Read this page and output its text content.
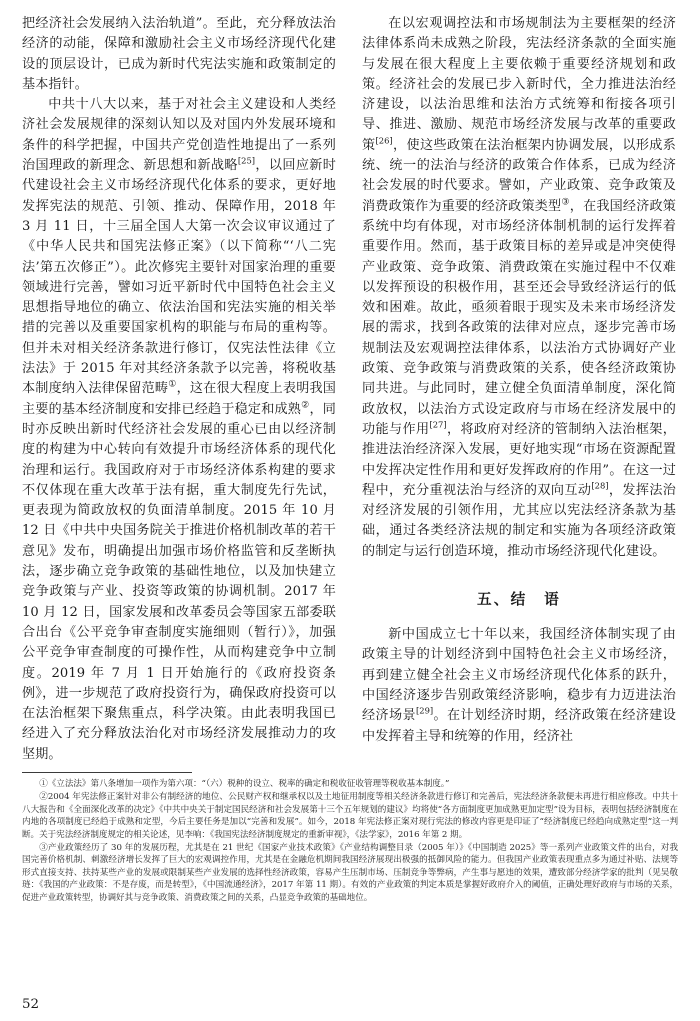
把经济社会发展纳入法治轨道”。至此，充分释放法治经济的动能，保障和激励社会主义市场经济现代化建设的顶层设计，已成为新时代宪法实施和政策制定的基本指针。

中共十八大以来，基于对社会主义建设和人类经济社会发展规律的深刻认知以及对国内外发展环境和条件的科学把握，中国共产党创造性地提出了一系列治国理政的新理念、新思想和新战略[25]，以回应新时代建设社会主义市场经济现代化体系的要求，更好地发挥宪法的规范、引领、推动、保障作用，2018 年 3 月 11 日，十三届全国人大第一次会议审议通过了《中华人民共和国宪法修正案》（以下简称“‘八二宪法’第五次修正”）。此次修宪主要针对国家治理的重要领域进行完善，譬如习近平新时代中国特色社会主义思想指导地位的确立、依法治国和宪法实施的相关举措的完善以及重要国家机构的职能与布局的重构等。但并未对相关经济条款进行修订，仅宪法性法律《立法法》于 2015 年对其经济条款予以完善，将税收基本制度纳入法律保留范畴①，这在很大程度上表明我国主要的基本经济制度和安排已经趋于稳定和成熟②，同时亦反映出新时代经济社会发展的重心已由以经济制度的构建为中心转向有效提升市场经济体系的现代化治理和运行。我国政府对于市场经济体系构建的要求不仅体现在重大改革于法有据，重大制度先行先试，更表现为简政放权的负面清单制度。2015 年 10 月 12 日《中共中央国务院关于推进价格机制改革的若干意见》发布，明确提出加强市场价格监管和反垄断执法，逐步确立竞争政策的基础性地位，以及加快建立竞争政策与产业、投资等政策的协调机制。2017 年 10 月 12 日，国家发展和改革委员会等国家五部委联合出台《公平竞争审查制度实施细则（暂行）》，加强公平竞争审查制度的可操作性，从而构建竞争中立制度。2019 年 7 月 1 日开始施行的《政府投资条例》，进一步规范了政府投资行为，确保政府投资可以在法治框架下聚焦重点，科学决策。由此表明我国已经进入了充分释放法治化对市场经济发展推动力的攻坚期。

在以宏观调控法和市场规制法为主要框架的经济法律体系尚未成熟之阶段，宪法经济条款的全面实施与发展在很大程度上主要依赖于重要经济规划和政策。经济社会的发展已步入新时代，全力推进法治经济建设，以法治思维和法治方式统筹和衔接各项引导、推进、激励、规范市场经济发展与改革的重要政策[26]，使这些政策在法治框架内协调发展，以形成系统、统一的法治与经济的政策合作体系，已成为经济社会发展的时代要求。譬如，产业政策、竞争政策及消费政策作为重要的经济政策类型③，在我国经济政策系统中均有体现，对市场经济体制机制的运行发挥着重要作用。然而，基于政策目标的差异或是冲突使得产业政策、竞争政策、消费政策在实施过程中不仅难以发挥预设的积极作用，甚至还会导致经济运行的低效和困难。故此，亟须着眼于现实及未来市场经济发展的需求，找到各政策的法律对应点，逐步完善市场规制法及宏观调控法律体系，以法治方式协调好产业政策、竞争政策与消费政策的关系，使各经济政策协同共进。与此同时，建立健全负面清单制度，深化简政放权，以法治方式设定政府与市场在经济发展中的功能与作用[27]，将政府对经济的管制纳入法治框架，推进法治经济深入发展，更好地实现“市场在资源配置中发挥决定性作用和更好发挥政府的作用”。在这一过程中，充分重视法治与经济的双向互动[28]，发挥法治对经济发展的引领作用，尤其应以宪法经济条款为基础，通过各类经济法规的制定和实施为各项经济政策的制定与运行创造环境，推动市场经济现代化建设。

五、结　语

新中国成立七十年以来，我国经济体制实现了由政策主导的计划经济到中国特色社会主义市场经济，再到建立健全社会主义市场经济现代化体系的跃升，中国经济逐步告别政策经济影响，稳步有力迈进法治经济场景[29]。在计划经济时期，经济政策在经济建设中发挥着主导和统筹的作用，经济社

①《立法法》第八条增加一项作为第六项：“（六）税种的设立、税率的确定和税收征收管理等税收基本制度。”

②2004 年宪法修正案针对非公有制经济的地位、公民财产权和继承权以及土地征用制度等相关经济条款进行修订和完善后，宪法经济条款便未再进行相应修改。中共十八大报告和《全面深化改革的决定》《中共中央关于制定国民经济和社会发展第十三个五年规划的建议》均将使“各方面制度更加成熟更加定型”设为目标，表明包括经济制度在内地的各项制度已经趋于成熟和定型，今后主要任务是加以“完善和发展”。如今，2018 年宪法修正案对现行宪法的修改内容更是印证了“经济制度已经趋向成熟定型”这一判断。关于宪法经济制度规定的相关论述，见李响：《我国宪法经济制度规定的重新审视》，《法学家》，2016 年第 2 期。

③产业政策经历了 30 年的发展历程，尤其是在 21 世纪《国家产业技术政策》《产业结构调整目录（2005 年）》《中国制造 2025》等一系列产业政策文件的出台，对我国完善价格机制、刺激经济增长发挥了巨大的宏观调控作用，尤其是在金融危机期间我国经济展现出极强的抵御风险的能力。但我国产业政策表现重点多为通过补贴、法规等形式直接支持、扶持某些产业的发展或限制某些产业发展的选择性经济政策，容易产生压制市场、压制竞争等弊病，产生事与愿违的效果，遭致部分经济学家的批判（见吴敬琏：《我国的产业政策：不是存废，而是转型》，《中国流通经济》，2017 年第 11 期）。有效的产业政策的判定本质是掌握好政府介入的阈值，正确处理好政府与市场的关系，促进产业政策转型，协调好其与竞争政策、消费政策之间的关系，凸显竞争政策的基础地位。

52
